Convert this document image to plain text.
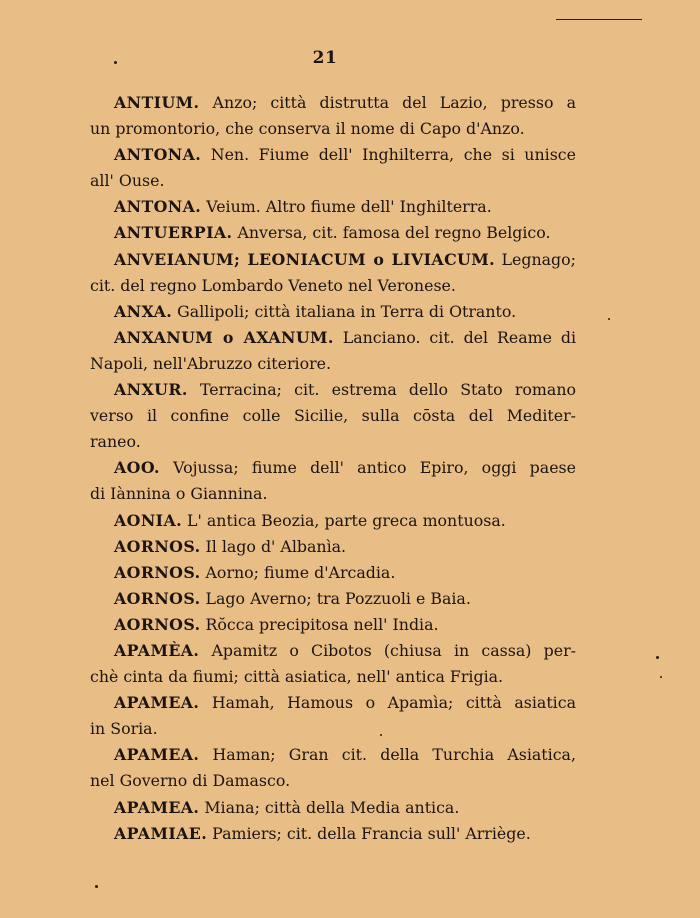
21
ANTIUM. Anzo; città distrutta del Lazio, presso a
un promontorio, che conserva il nome di Capo d'Anzo.
ANTONA. Nen. Fiume dell' Inghilterra, che si unisce
all' Ouse.
ANTONA. Veium. Altro fiume dell' Inghilterra.
ANTUERPIA. Anversa, cit. famosa del regno Belgico.
ANVEIANUM; LEONIACUM o LIVIACUM. Legnago;
cit. del regno Lombardo Veneto nel Veronese.
ANXA. Gallipoli; città italiana in Terra di Otranto.
ANXANUM o AXANUM. Lanciano. cit. del Reame di
Napoli, nell'Abruzzo citeriore.
ANXUR. Terracina; cit. estrema dello Stato romano
verso il confine colle Sicilie, sulla cōsta del Mediter-
raneo.
AOO. Vojussa; fiume dell' antico Epiro, oggi paese
di Iànnina o Giannina.
AONIA. L' antica Beozia, parte greca montuosa.
AORNOS. Il lago d' Albanìa.
AORNOS. Aorno; fiume d'Arcadia.
AORNOS. Lago Averno; tra Pozzuoli e Baia.
AORNOS. Rŏcca precipitosa nell' India.
APAMÈA. Apamitz o Cibotos (chiusa in cassa) per-
chè cinta da fiumi; città asiatica, nell' antica Frigia.
APAMEA. Hamah, Hamous o Apamìa; città asiatica
in Soria.
APAMEA. Haman; Gran cit. della Turchia Asiatica,
nel Governo di Damasco.
APAMEA. Miana; città della Media antica.
APAMIAE. Pamiers; cit. della Francia sull' Arriège.
